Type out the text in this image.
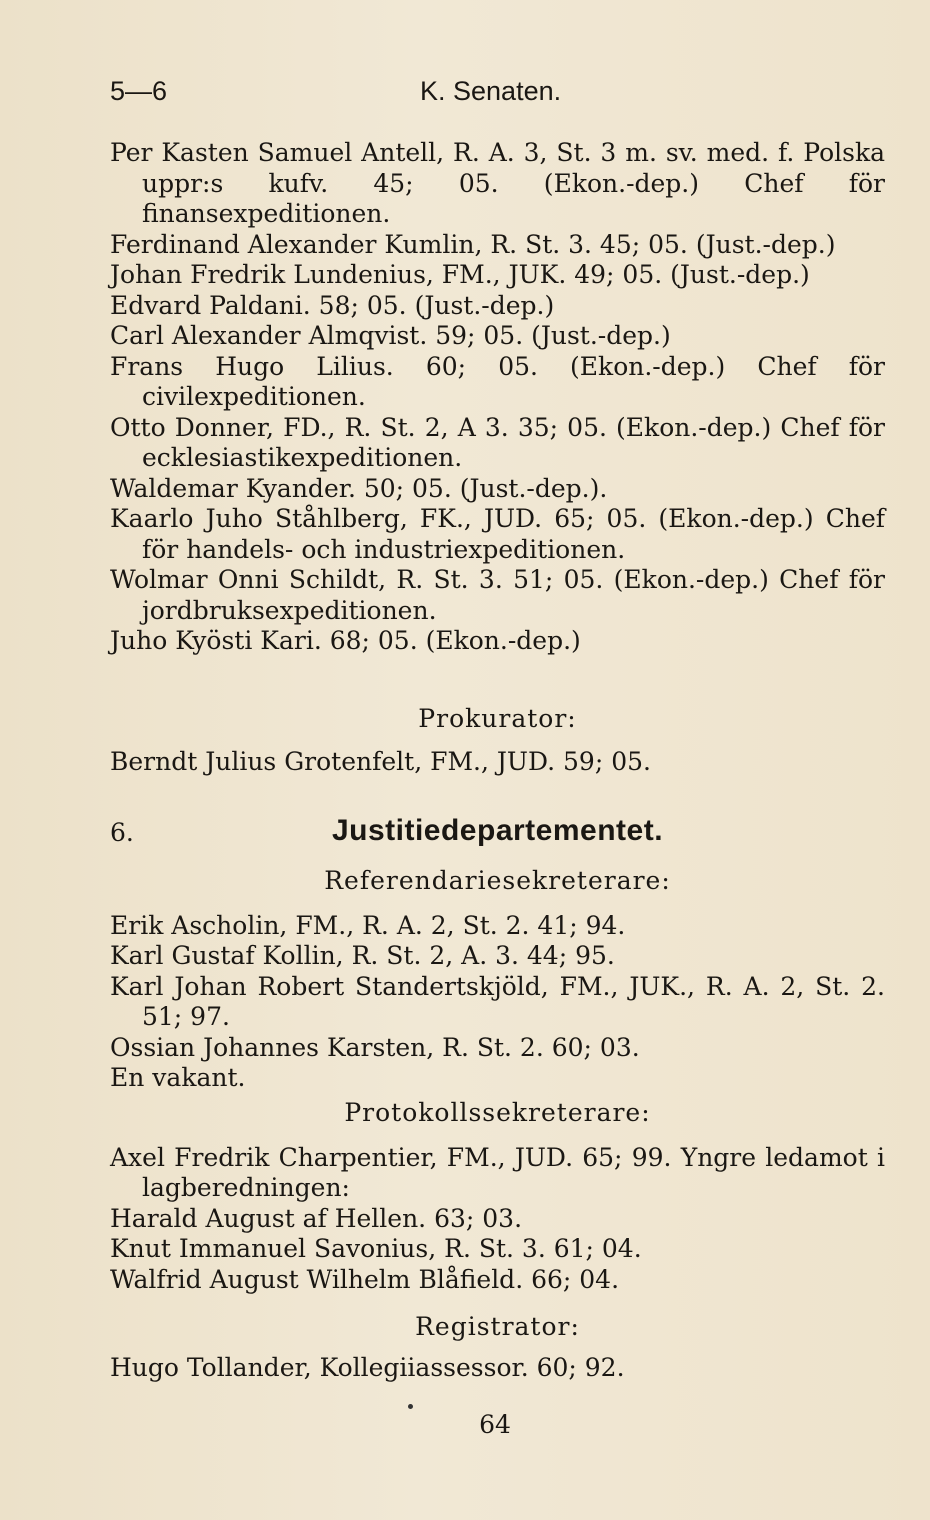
5—6	K. Senaten.

Per Kasten Samuel Antell, R. A. 3, St. 3 m. sv. med. f. Polska uppr:s kufv. 45; 05. (Ekon.-dep.) Chef för finansexpeditionen.

Ferdinand Alexander Kumlin, R. St. 3. 45; 05. (Just.-dep.)

Johan Fredrik Lundenius, FM., JUK. 49; 05. (Just.-dep.)

Edvard Paldani. 58; 05. (Just.-dep.)

Carl Alexander Almqvist. 59; 05. (Just.-dep.)

Frans Hugo Lilius. 60; 05. (Ekon.-dep.) Chef för civilexpeditionen.

Otto Donner, FD., R. St. 2, A 3. 35; 05. (Ekon.-dep.) Chef för ecklesiastikexpeditionen.

Waldemar Kyander. 50; 05. (Just.-dep.).

Kaarlo Juho Ståhlberg, FK., JUD. 65; 05. (Ekon.-dep.) Chef för handels- och industriexpeditionen.

Wolmar Onni Schildt, R. St. 3. 51; 05. (Ekon.-dep.) Chef för jordbruksexpeditionen.

Juho Kyösti Kari. 68; 05. (Ekon.-dep.)

Prokurator:

Berndt Julius Grotenfelt, FM., JUD. 59; 05.

6.	Justitiedepartementet.

Referendariesekreterare:

Erik Ascholin, FM., R. A. 2, St. 2. 41; 94.

Karl Gustaf Kollin, R. St. 2, A. 3. 44; 95.

Karl Johan Robert Standertskjöld, FM., JUK., R. A. 2, St. 2. 51; 97.

Ossian Johannes Karsten, R. St. 2. 60; 03.

En vakant.

Protokollssekreterare:

Axel Fredrik Charpentier, FM., JUD. 65; 99. Yngre ledamot i lagberedningen:

Harald August af Hellen. 63; 03.

Knut Immanuel Savonius, R. St. 3. 61; 04.

Walfrid August Wilhelm Blåfield. 66; 04.

Registrator:

Hugo Tollander, Kollegiiassessor. 60; 92.

64
